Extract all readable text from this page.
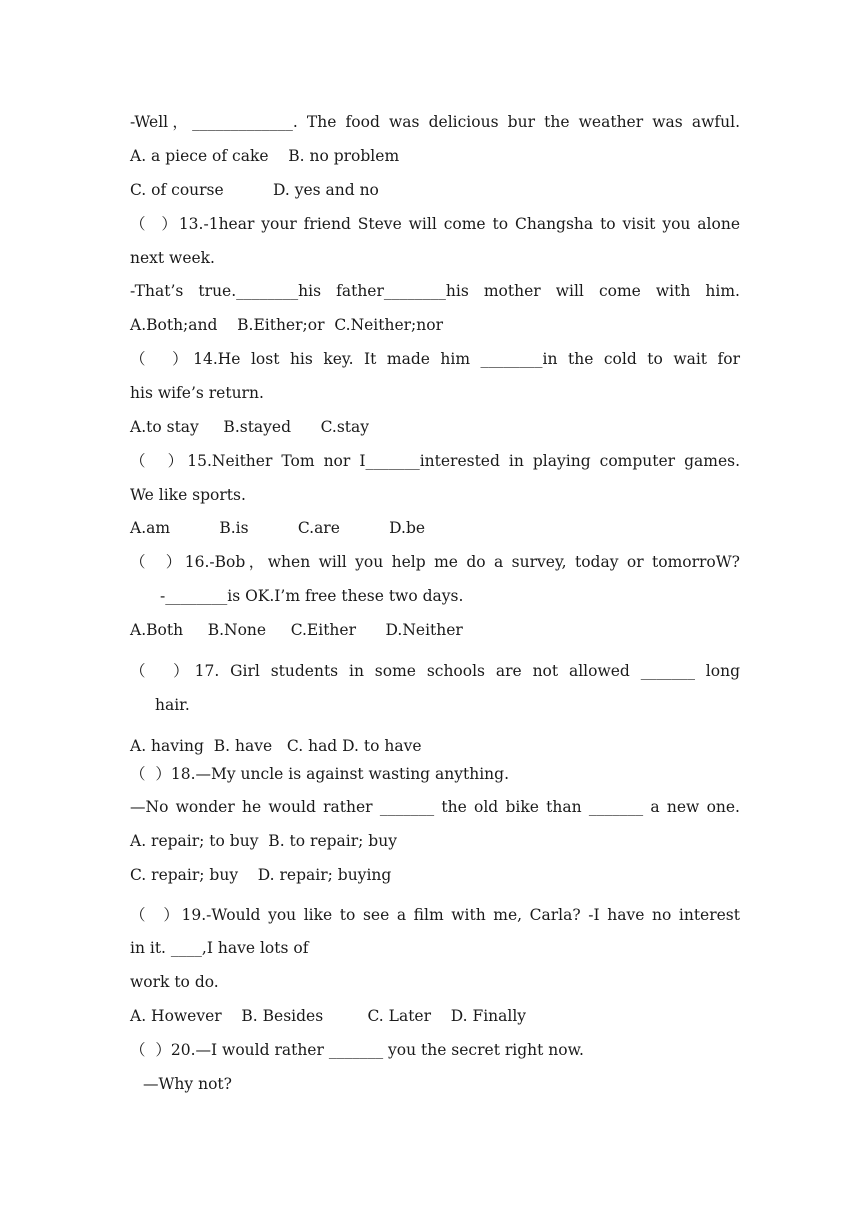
-Well，_____________. The food was delicious bur the weather was awful.
A. a piece of cake    B. no problem
C. of course          D. yes and no
（  ）13.-1hear your friend Steve will come to Changsha to visit you alone
next week.
-That’s true.________his father________his mother will come with him.
A.Both;and    B.Either;or  C.Neither;nor
（  ）14.He lost his key. It made him ________in the cold to wait for
his wife’s return.
A.to stay     B.stayed      C.stay
（  ）15.Neither Tom nor I_______interested in playing computer games.
We like sports.
A.am          B.is          C.are          D.be
（  ）16.-Bob，when will you help me do a survey, today or tomorroW?
-________is OK.I’m free these two days.
A.Both     B.None     C.Either      D.Neither
（  ）17. Girl students in some schools are not allowed _______ long
hair.
A. having  B. have   C. had D. to have
（  ）18.—My uncle is against wasting anything.
—No wonder he would rather _______ the old bike than _______ a new one.
A. repair; to buy  B. to repair; buy
C. repair; buy    D. repair; buying
（  ）19.-Would you like to see a film with me, Carla? -I have no interest
in it. ____,I have lots of
work to do.
A. However    B. Besides         C. Later    D. Finally
（  ）20.—I would rather _______ you the secret right now.
—Why not?
